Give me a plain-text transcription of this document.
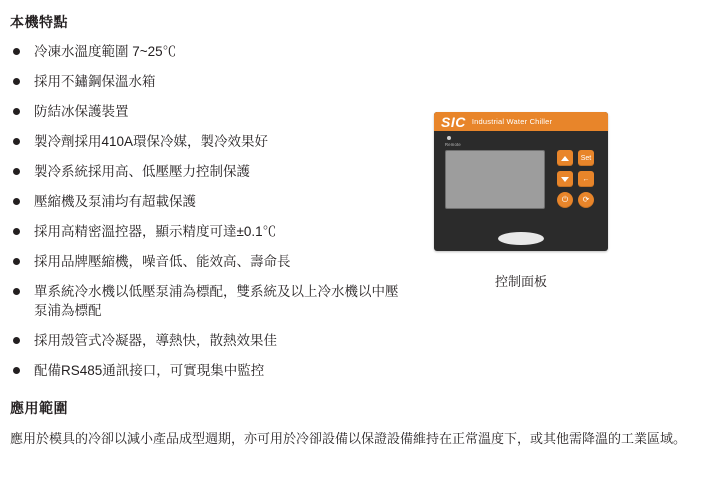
本機特點
冷凍水溫度範圍 7~25℃
採用不鏽鋼保溫水箱
防結冰保護裝置
製冷劑採用410A環保冷媒，製冷效果好
製冷系統採用高、低壓壓力控制保護
壓縮機及泵浦均有超載保護
採用高精密溫控器，顯示精度可達±0.1℃
採用品牌壓縮機，噪音低、能效高、壽命長
單系統冷水機以低壓泵浦為標配，雙系統及以上冷水機以中壓泵浦為標配
採用殼管式冷凝器，導熱快，散熱效果佳
配備RS485通訊接口，可實現集中監控
SIC Industrial Water Chiller
Remote
Set
←
⏻	⟳
控制面板
應用範圍
應用於模具的冷卻以減小產品成型週期，亦可用於冷卻設備以保證設備維持在正常溫度下，或其他需降溫的工業區域。
